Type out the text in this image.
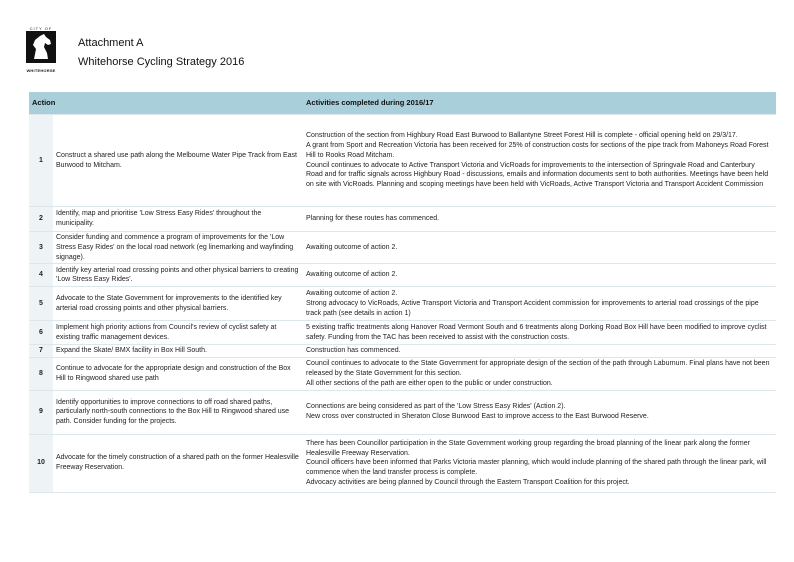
CITY OF
WHITEHORSE
Attachment A
Whitehorse Cycling Strategy 2016
Action		Activities completed during 2016/17
1	Construct a shared use path along the Melbourne Water Pipe Track from East Burwood to Mitcham.	Construction of the section from Highbury Road East Burwood to Ballantyne Street Forest Hill is complete - official opening held on 29/3/17.
A grant from Sport and Recreation Victoria has been received for 25% of construction costs for sections of the pipe track from Mahoneys Road Forest Hill to Rooks Road Mitcham.
Council continues to advocate to Active Transport Victoria and VicRoads for improvements to the intersection of Springvale Road and Canterbury Road and for traffic signals across Highbury Road - discussions, emails and information documents sent to both authorities. Meetings have been held on site with VicRoads. Planning and scoping meetings have been held with VicRoads, Active Transport Victoria and Transport Accident Commission

2	Identify, map and prioritise 'Low Stress Easy Rides' throughout the municipality.	Planning for these routes has commenced.

3	Consider funding and commence a program of improvements for the 'Low Stress Easy Rides' on the local road network (eg linemarking and wayfinding signage).	Awaiting outcome of action 2.

4	Identify key arterial road crossing points and other physical barriers to creating 'Low Stress Easy Rides'.	Awaiting outcome of action 2.

5	Advocate to the State Government for improvements to the identified key arterial road crossing points and other physical barriers.	Awaiting outcome of action 2.
Strong advocacy to VicRoads, Active Transport Victoria and Transport Accident commission for improvements to arterial road crossings of the pipe track path (see details in action 1)

6	Implement high priority actions from Council's review of cyclist safety at existing traffic management devices.	5 existing traffic treatments along Hanover Road Vermont South and 6 treatments along Dorking Road Box Hill have been modified to improve cyclist safety. Funding from the TAC has been received to assist with the construction costs.

7	Expand the Skate/ BMX facility in Box Hill South.	Construction has commenced.

8	Continue to advocate for the appropriate design and construction of the Box Hill to Ringwood shared use path	Council continues to advocate to the State Government for appropriate design of the section of the path through Laburnum. Final plans have not been released by the State Government for this section.
All other sections of the path are either open to the public or under construction.

9	Identify opportunities to improve connections to off road shared paths, particularly north-south connections to the Box Hill to Ringwood shared use path. Consider funding for the projects.	Connections are being considered as part of the 'Low Stress Easy Rides' (Action 2).
New cross over constructed in Sheraton Close Burwood East to improve access to the East Burwood Reserve.

10	Advocate for the timely construction of a shared path on the former Healesville Freeway Reservation.	There has been Councillor participation in the State Government working group regarding the broad planning of the linear park along the former Healesville Freeway Reservation.
Council officers have been informed that Parks Victoria master planning, which would include planning of the shared path through the linear park, will commence when the land transfer process is complete.
Advocacy activities are being planned by Council through the Eastern Transport Coalition for this project.
